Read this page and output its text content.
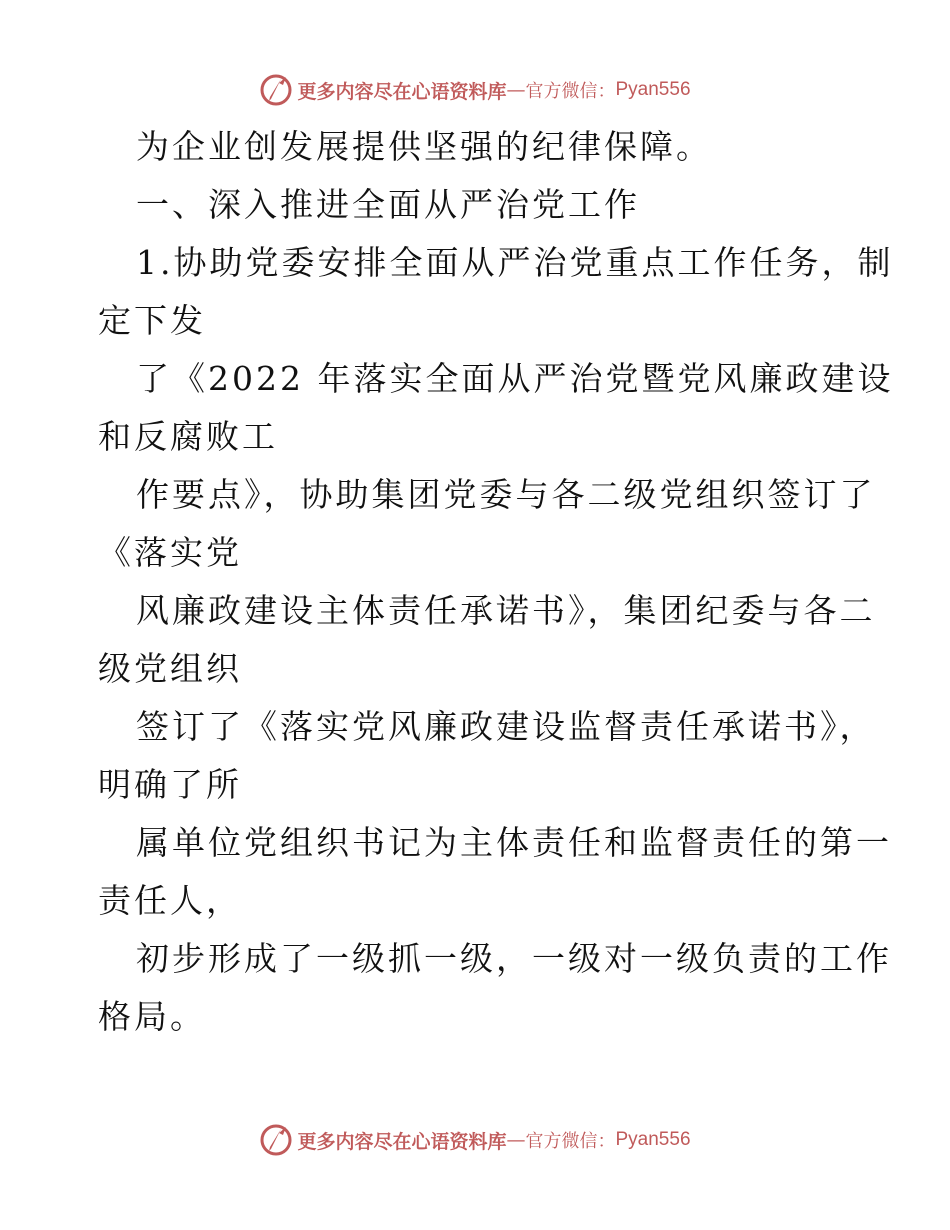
更多内容尽在心语资料库 — 官方微信： Pyan556
为企业创发展提供坚强的纪律保障。
一、深入推进全面从严治党工作
1.协助党委安排全面从严治党重点工作任务，制
定下发
了《2022 年落实全面从严治党暨党风廉政建设
和反腐败工
作要点》，协助集团党委与各二级党组织签订了
《落实党
风廉政建设主体责任承诺书》，集团纪委与各二
级党组织
签订了《落实党风廉政建设监督责任承诺书》，
明确了所
属单位党组织书记为主体责任和监督责任的第一
责任人，
初步形成了一级抓一级，一级对一级负责的工作
格局。
更多内容尽在心语资料库 — 官方微信： Pyan556
